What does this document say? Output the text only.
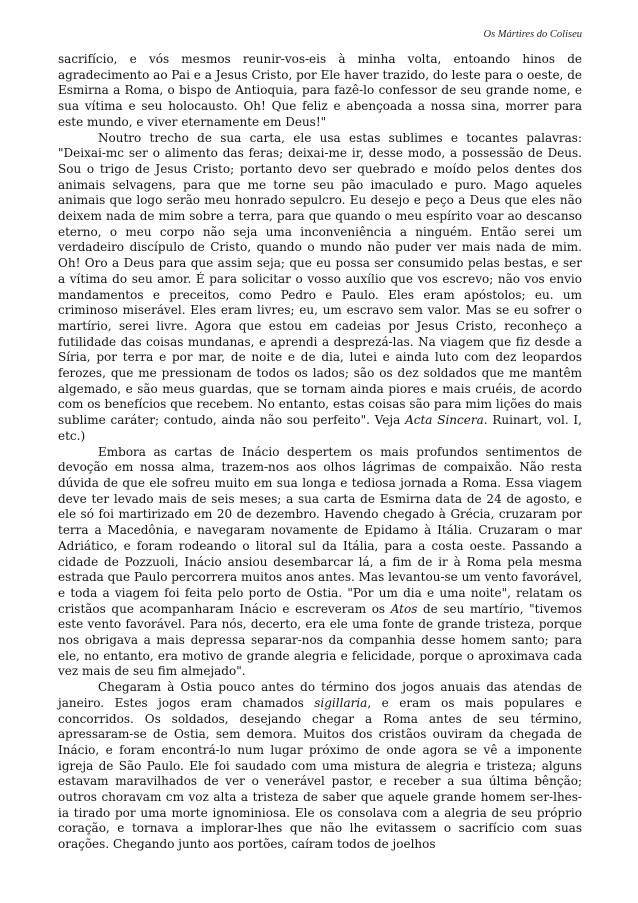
Os Mártires do Coliseu

sacrifício, e vós mesmos reunir-vos-eis à minha volta, entoando hinos de agradecimento ao Pai e a Jesus Cristo, por Ele haver trazido, do leste para o oeste, de Esmirna a Roma, o bispo de Antioquia, para fazê-lo confessor de seu grande nome, e sua vítima e seu holocausto. Oh! Que feliz e abençoada a nossa sina, morrer para este mundo, e viver eternamente em Deus!"

Noutro trecho de sua carta, ele usa estas sublimes e tocantes palavras: "Deixai-mc ser o alimento das feras; deixai-me ir, desse modo, a possessão de Deus. Sou o trigo de Jesus Cristo; portanto devo ser quebrado e moído pelos dentes dos animais selvagens, para que me torne seu pão imaculado e puro. Mago aqueles animais que logo serão meu honrado sepulcro. Eu desejo e peço a Deus que eles não deixem nada de mim sobre a terra, para que quando o meu espírito voar ao descanso eterno, o meu corpo não seja uma inconveniência a ninguém. Então serei um verdadeiro discípulo de Cristo, quando o mundo não puder ver mais nada de mim. Oh! Oro a Deus para que assim seja; que eu possa ser consumido pelas bestas, e ser a vítima do seu amor. É para solicitar o vosso auxílio que vos escrevo; não vos envio mandamentos e preceitos, como Pedro e Paulo. Eles eram apóstolos; eu. um criminoso miserável. Eles eram livres; eu, um escravo sem valor. Mas se eu sofrer o martírio, serei livre. Agora que estou em cadeias por Jesus Cristo, reconheço a futilidade das coisas mundanas, e aprendi a desprezá-las. Na viagem que fiz desde a Síria, por terra e por mar, de noite e de dia, lutei e ainda luto com dez leopardos ferozes, que me pressionam de todos os lados; são os dez soldados que me mantêm algemado, e são meus guardas, que se tornam ainda piores e mais cruéis, de acordo com os benefícios que recebem. No entanto, estas coisas são para mim lições do mais sublime caráter; contudo, ainda não sou perfeito". Veja Acta Sincera. Ruinart, vol. I, etc.)

Embora as cartas de Inácio despertem os mais profundos sentimentos de devoção em nossa alma, trazem-nos aos olhos lágrimas de compaixão. Não resta dúvida de que ele sofreu muito em sua longa e tediosa jornada a Roma. Essa viagem deve ter levado mais de seis meses; a sua carta de Esmirna data de 24 de agosto, e ele só foi martirizado em 20 de dezembro. Havendo chegado à Grécia, cruzaram por terra a Macedônia, e navegaram novamente de Epidamo à Itália. Cruzaram o mar Adriático, e foram rodeando o litoral sul da Itália, para a costa oeste. Passando a cidade de Pozzuoli, Inácio ansiou desembarcar lá, a fim de ir à Roma pela mesma estrada que Paulo percorrera muitos anos antes. Mas levantou-se um vento favorável, e toda a viagem foi feita pelo porto de Ostia. "Por um dia e uma noite", relatam os cristãos que acompanharam Inácio e escreveram os Atos de seu martírio, "tivemos este vento favorável. Para nós, decerto, era ele uma fonte de grande tristeza, porque nos obrigava a mais depressa separar-nos da companhia desse homem santo; para ele, no entanto, era motivo de grande alegria e felicidade, porque o aproximava cada vez mais de seu fim almejado".

Chegaram à Ostia pouco antes do término dos jogos anuais das atendas de janeiro. Estes jogos eram chamados sigillaria, e eram os mais populares e concorridos. Os soldados, desejando chegar a Roma antes de seu término, apressaram-se de Ostia, sem demora. Muitos dos cristãos ouviram da chegada de Inácio, e foram encontrá-lo num lugar próximo de onde agora se vê a imponente igreja de São Paulo. Ele foi saudado com uma mistura de alegria e tristeza; alguns estavam maravilhados de ver o venerável pastor, e receber a sua última bênção; outros choravam cm voz alta a tristeza de saber que aquele grande homem ser-lhes-ia tirado por uma morte ignominiosa. Ele os consolava com a alegria de seu próprio coração, e tornava a implorar-lhes que não lhe evitassem o sacrifício com suas orações. Chegando junto aos portões, caíram todos de joelhos
